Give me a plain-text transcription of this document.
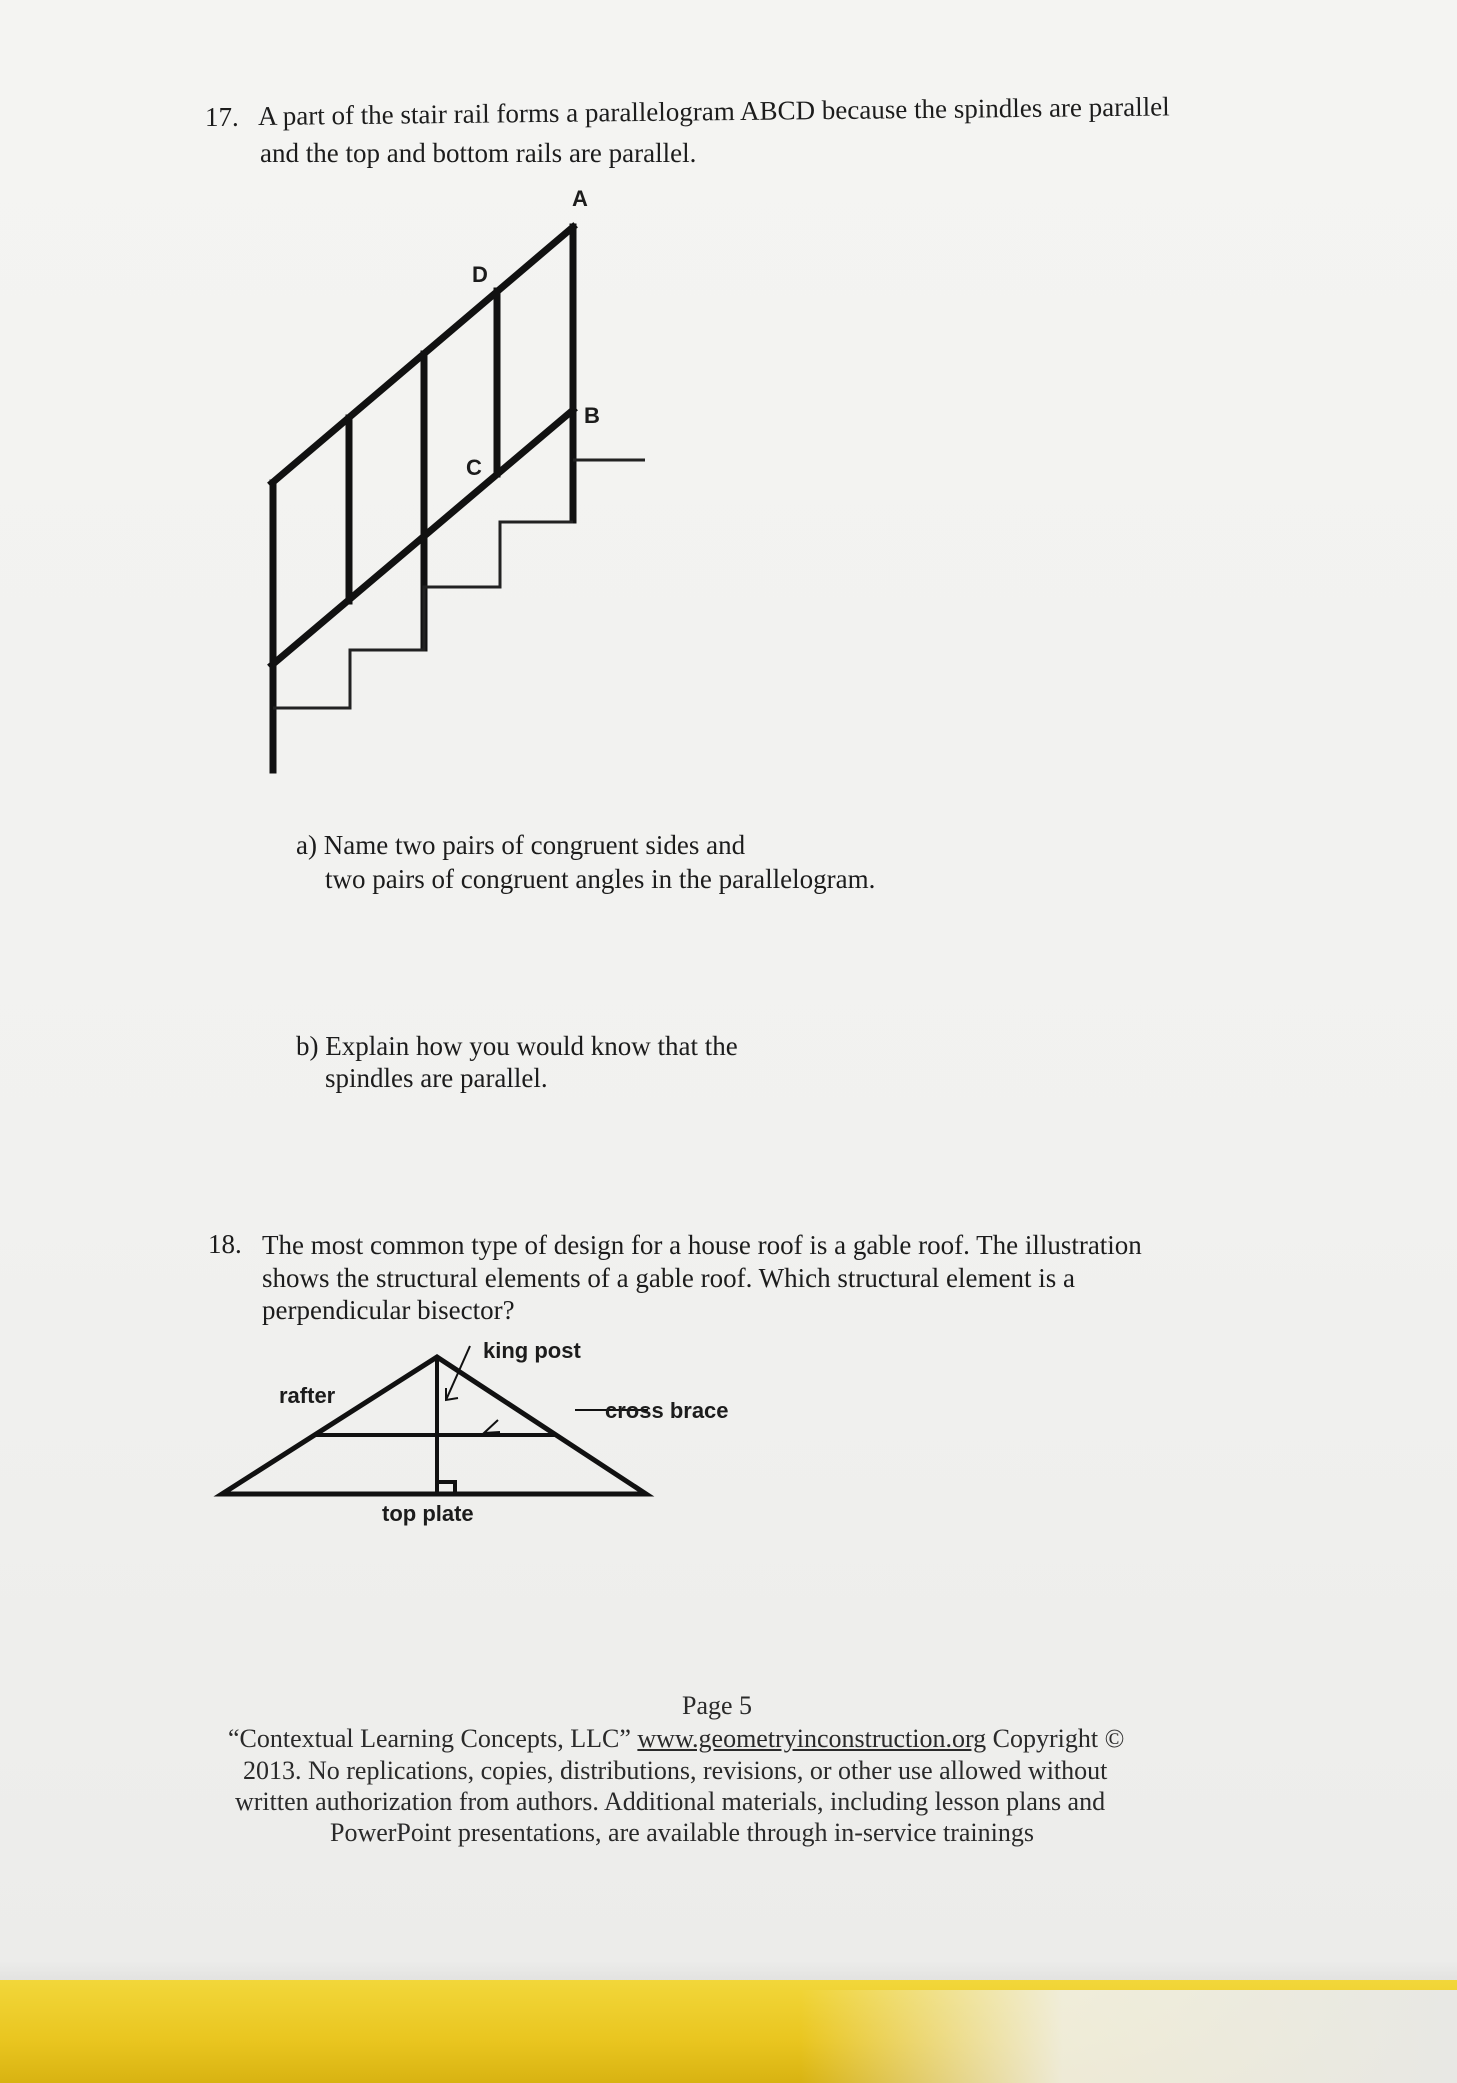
17. A part of the stair rail forms a parallelogram ABCD because the spindles are parallel
and the top and bottom rails are parallel.
A
D
B
C
a) Name two pairs of congruent sides and
two pairs of congruent angles in the parallelogram.
b) Explain how you would know that the
spindles are parallel.
18. The most common type of design for a house roof is a gable roof. The illustration
shows the structural elements of a gable roof. Which structural element is a
perpendicular bisector?
king post
rafter
cross brace
top plate
Page 5
“Contextual Learning Concepts, LLC” www.geometryinconstruction.org Copyright ©
2013. No replications, copies, distributions, revisions, or other use allowed without
written authorization from authors. Additional materials, including lesson plans and
PowerPoint presentations, are available through in-service trainings
